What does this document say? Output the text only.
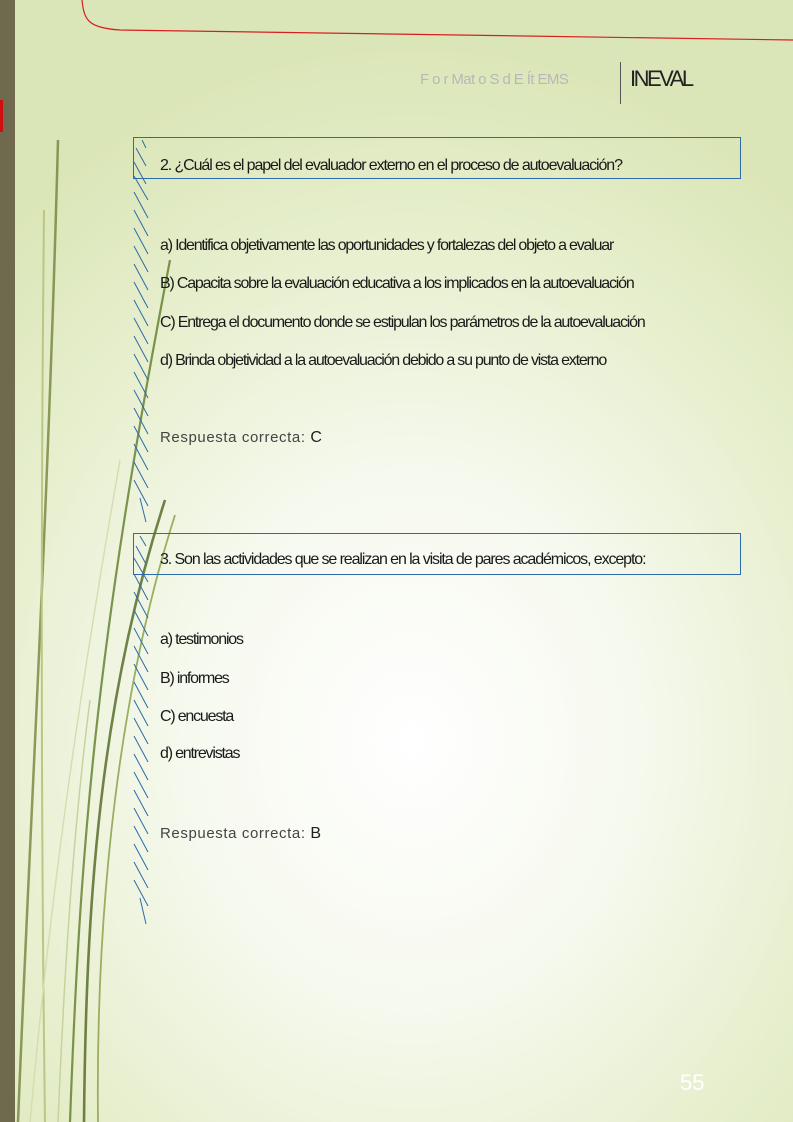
F o r Mat o S d E Ít EMS	INEVAL
2. ¿Cuál es el papel del evaluador externo en el proceso de autoevaluación?
a) Identifica objetivamente las oportunidades y fortalezas del objeto a evaluar
B) Capacita sobre la evaluación educativa a los implicados en la autoevaluación
C) Entrega el documento donde se estipulan los parámetros de la autoevaluación
d) Brinda objetividad a la autoevaluación debido a su punto de vista externo
Respuesta correcta: C
3. Son las actividades que se realizan en la visita de pares académicos, excepto:
a) testimonios
B) informes
C) encuesta
d) entrevistas
Respuesta correcta: B
55
